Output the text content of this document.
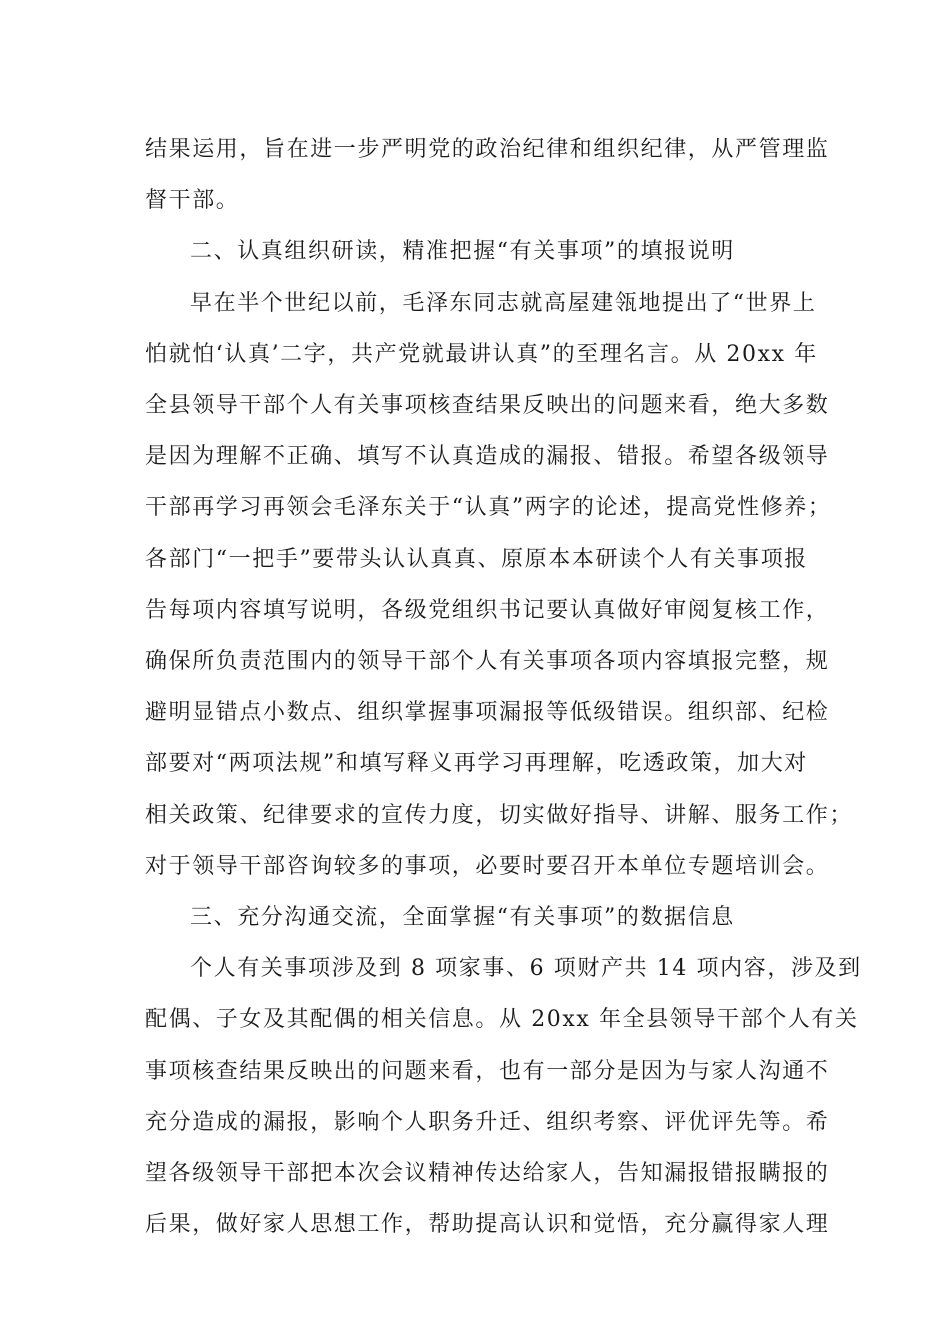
结果运用，旨在进一步严明党的政治纪律和组织纪律，从严管理监
督干部。
二、认真组织研读，精准把握“有关事项”的填报说明
早在半个世纪以前，毛泽东同志就高屋建瓴地提出了“世界上
怕就怕‘认真’二字，共产党就最讲认真”的至理名言。从 20xx 年
全县领导干部个人有关事项核查结果反映出的问题来看，绝大多数
是因为理解不正确、填写不认真造成的漏报、错报。希望各级领导
干部再学习再领会毛泽东关于“认真”两字的论述，提高党性修养；
各部门“一把手”要带头认认真真、原原本本研读个人有关事项报
告每项内容填写说明，各级党组织书记要认真做好审阅复核工作，
确保所负责范围内的领导干部个人有关事项各项内容填报完整，规
避明显错点小数点、组织掌握事项漏报等低级错误。组织部、纪检
部要对“两项法规”和填写释义再学习再理解，吃透政策，加大对
相关政策、纪律要求的宣传力度，切实做好指导、讲解、服务工作；
对于领导干部咨询较多的事项，必要时要召开本单位专题培训会。
三、充分沟通交流，全面掌握“有关事项”的数据信息
个人有关事项涉及到 8 项家事、6 项财产共 14 项内容，涉及到
配偶、子女及其配偶的相关信息。从 20xx 年全县领导干部个人有关
事项核查结果反映出的问题来看，也有一部分是因为与家人沟通不
充分造成的漏报，影响个人职务升迁、组织考察、评优评先等。希
望各级领导干部把本次会议精神传达给家人，告知漏报错报瞒报的
后果，做好家人思想工作，帮助提高认识和觉悟，充分赢得家人理
